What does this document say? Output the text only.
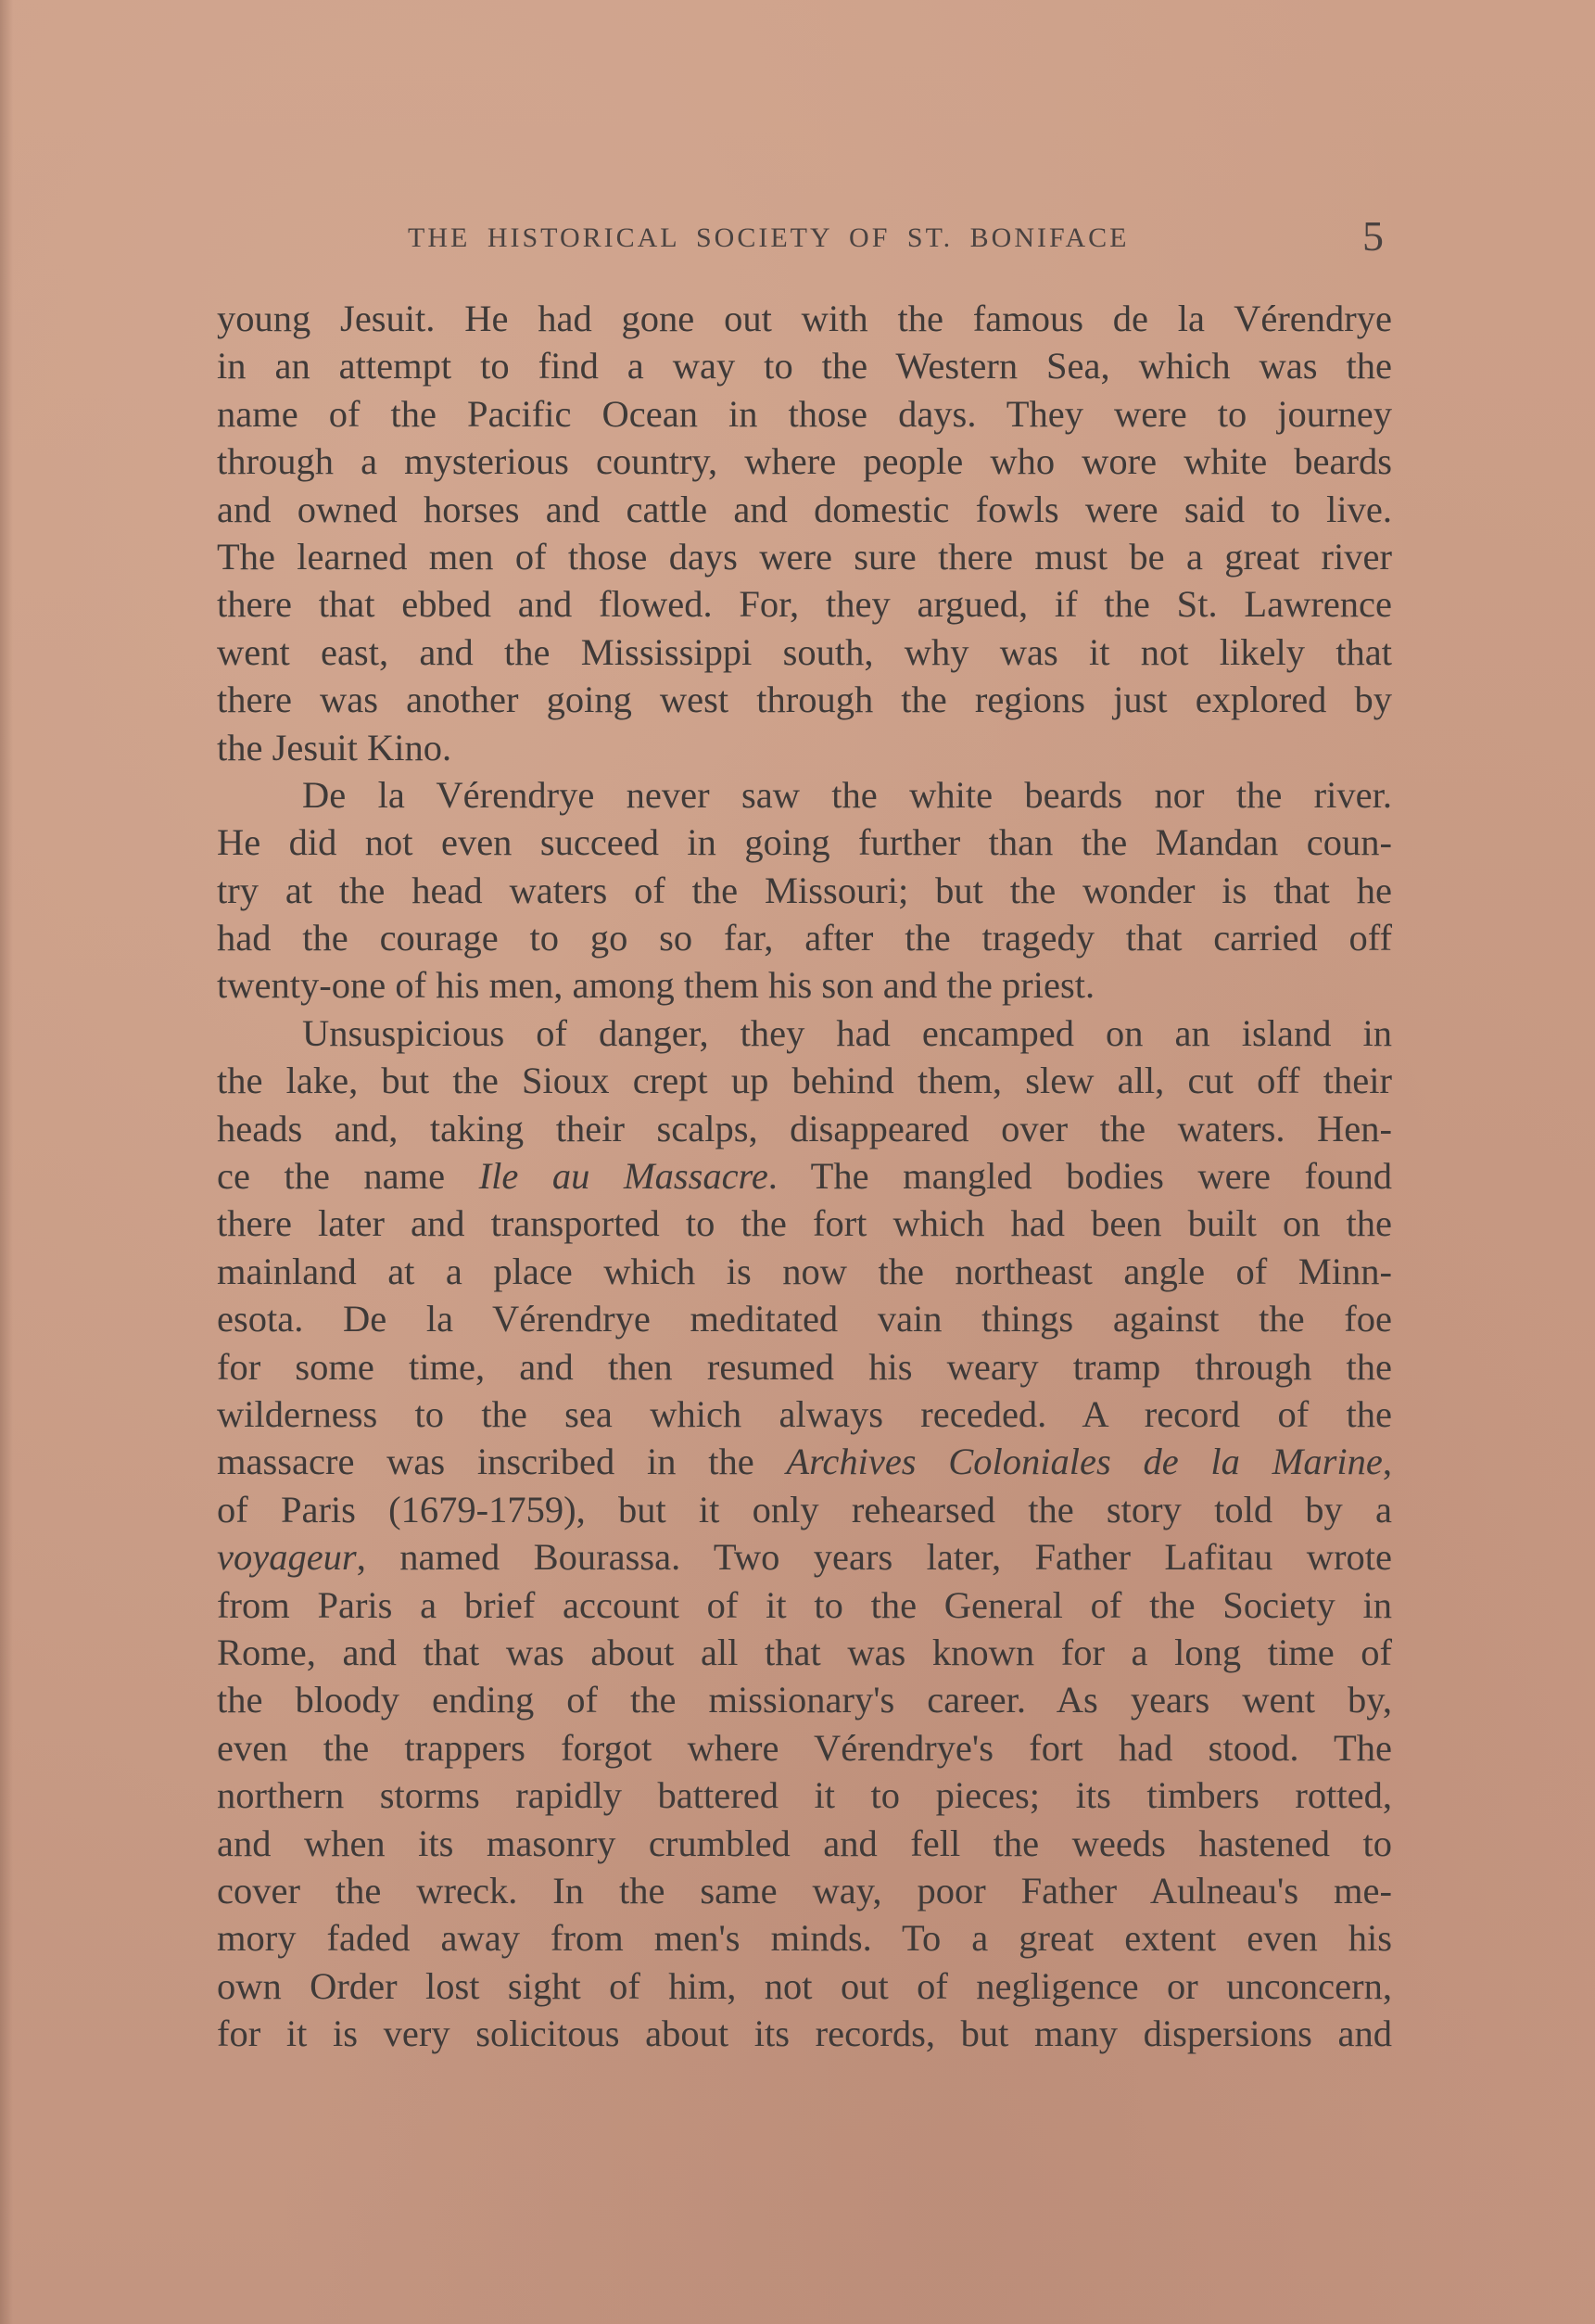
THE HISTORICAL SOCIETY OF ST. BONIFACE	5
young Jesuit. He had gone out with the famous de la Vérendrye
in an attempt to find a way to the Western Sea, which was the
name of the Pacific Ocean in those days. They were to journey
through a mysterious country, where people who wore white beards
and owned horses and cattle and domestic fowls were said to live.
The learned men of those days were sure there must be a great river
there that ebbed and flowed. For, they argued, if the St. Lawrence
went east, and the Mississippi south, why was it not likely that
there was another going west through the regions just explored by
the Jesuit Kino.
De la Vérendrye never saw the white beards nor the river.
He did not even succeed in going further than the Mandan coun-
try at the head waters of the Missouri; but the wonder is that he
had the courage to go so far, after the tragedy that carried off
twenty-one of his men, among them his son and the priest.
Unsuspicious of danger, they had encamped on an island in
the lake, but the Sioux crept up behind them, slew all, cut off their
heads and, taking their scalps, disappeared over the waters. Hen-
ce the name Ile au Massacre. The mangled bodies were found
there later and transported to the fort which had been built on the
mainland at a place which is now the northeast angle of Minn-
esota. De la Vérendrye meditated vain things against the foe
for some time, and then resumed his weary tramp through the
wilderness to the sea which always receded. A record of the
massacre was inscribed in the Archives Coloniales de la Marine,
of Paris (1679-1759), but it only rehearsed the story told by a
voyageur, named Bourassa. Two years later, Father Lafitau wrote
from Paris a brief account of it to the General of the Society in
Rome, and that was about all that was known for a long time of
the bloody ending of the missionary's career. As years went by,
even the trappers forgot where Vérendrye's fort had stood. The
northern storms rapidly battered it to pieces; its timbers rotted,
and when its masonry crumbled and fell the weeds hastened to
cover the wreck. In the same way, poor Father Aulneau's me-
mory faded away from men's minds. To a great extent even his
own Order lost sight of him, not out of negligence or unconcern,
for it is very solicitous about its records, but many dispersions and
